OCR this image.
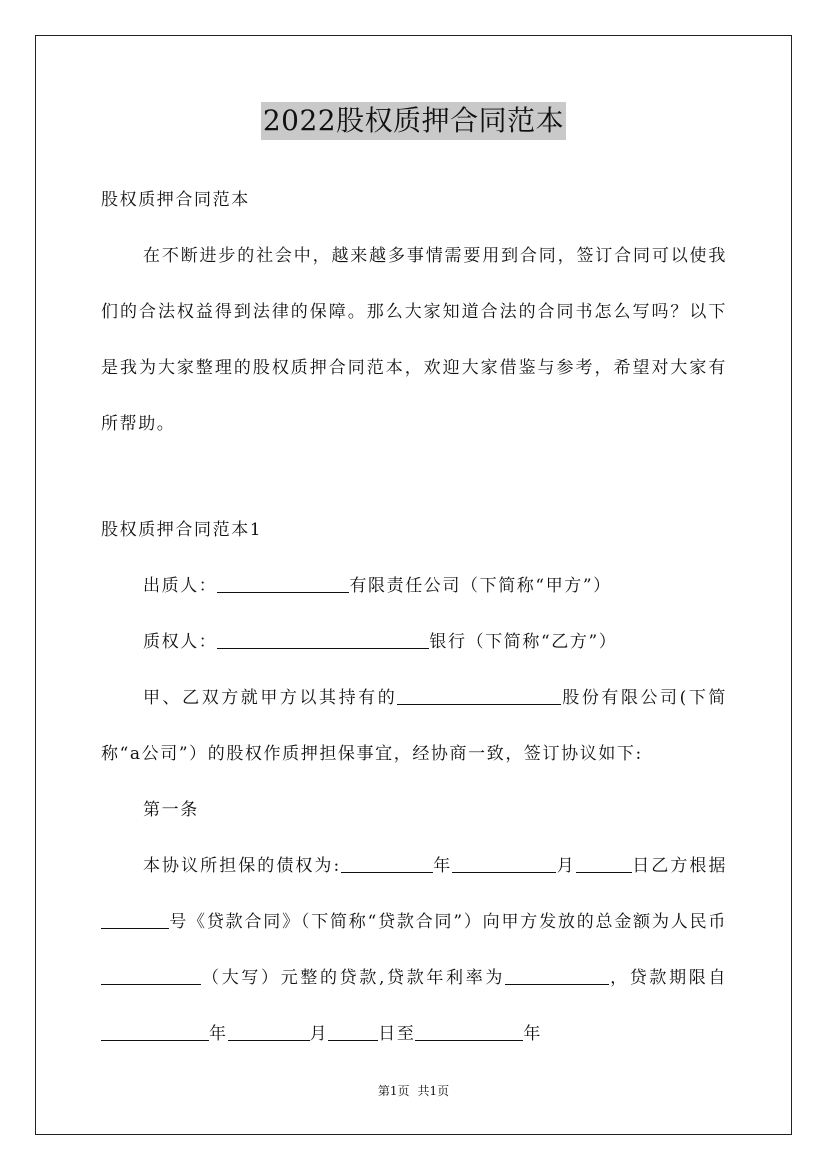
2022股权质押合同范本

股权质押合同范本

在不断进步的社会中，越来越多事情需要用到合同，签订合同可以使我们的合法权益得到法律的保障。那么大家知道合法的合同书怎么写吗？以下是我为大家整理的股权质押合同范本，欢迎大家借鉴与参考，希望对大家有所帮助。

股权质押合同范本1

出质人：	有限责任公司（下简称“甲方”）

质权人：	银行（下简称“乙方”）

甲、乙双方就甲方以其持有的	股份有限公司(下简称“a公司”）的股权作质押担保事宜，经协商一致，签订协议如下:

第一条

本协议所担保的债权为:	年	月	日乙方根据号《贷款合同》（下简称“贷款合同”）向甲方发放的总金额为人民币（大写）元整的贷款,贷款年利率为	，贷款期限自年	月	日至	年

第1页 共1页
